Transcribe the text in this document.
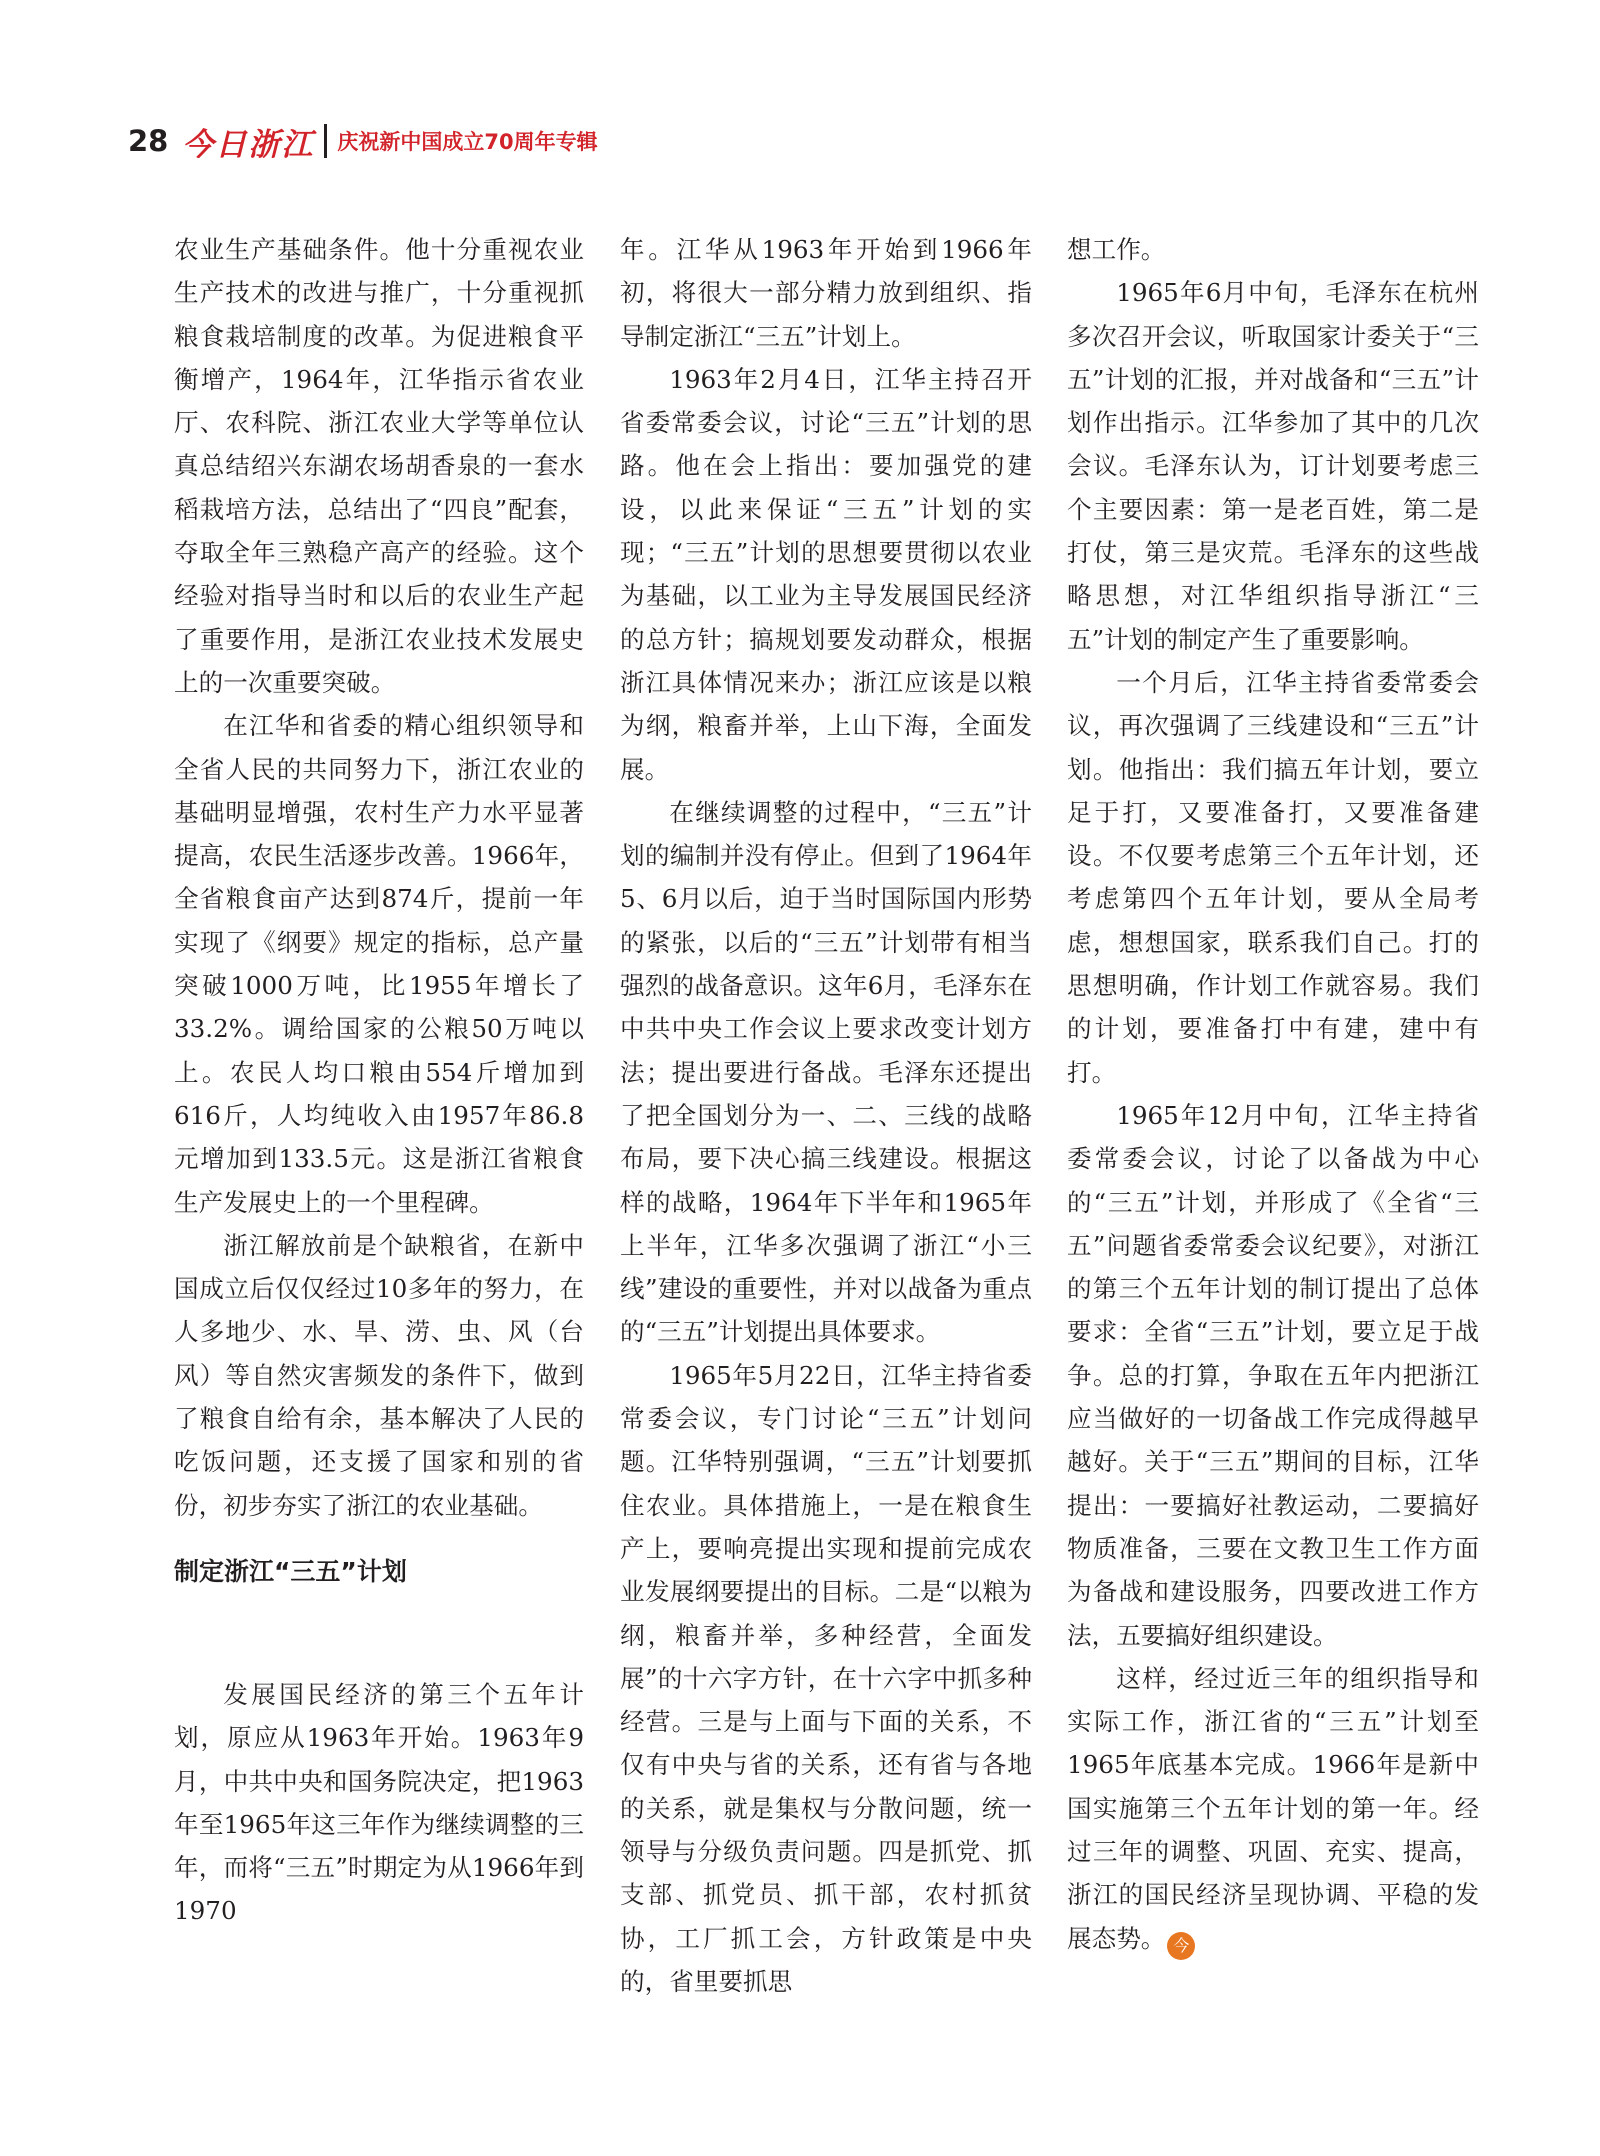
28 今日浙江 庆祝新中国成立70周年专辑

农业生产基础条件。他十分重视农业生产技术的改进与推广，十分重视抓粮食栽培制度的改革。为促进粮食平衡增产，1964年，江华指示省农业厅、农科院、浙江农业大学等单位认真总结绍兴东湖农场胡香泉的一套水稻栽培方法，总结出了“四良”配套，夺取全年三熟稳产高产的经验。这个经验对指导当时和以后的农业生产起了重要作用，是浙江农业技术发展史上的一次重要突破。

在江华和省委的精心组织领导和全省人民的共同努力下，浙江农业的基础明显增强，农村生产力水平显著提高，农民生活逐步改善。1966年，全省粮食亩产达到874斤，提前一年实现了《纲要》规定的指标，总产量突破1000万吨，比1955年增长了33.2%。调给国家的公粮50万吨以上。农民人均口粮由554斤增加到616斤，人均纯收入由1957年86.8元增加到133.5元。这是浙江省粮食生产发展史上的一个里程碑。

浙江解放前是个缺粮省，在新中国成立后仅仅经过10多年的努力，在人多地少、水、旱、涝、虫、风（台风）等自然灾害频发的条件下，做到了粮食自给有余，基本解决了人民的吃饭问题，还支援了国家和别的省份，初步夯实了浙江的农业基础。

制定浙江“三五”计划

发展国民经济的第三个五年计划，原应从1963年开始。1963年9月，中共中央和国务院决定，把1963年至1965年这三年作为继续调整的三年，而将“三五”时期定为从1966年到1970

年。江华从1963年开始到1966年初，将很大一部分精力放到组织、指导制定浙江“三五”计划上。

1963年2月4日，江华主持召开省委常委会议，讨论“三五”计划的思路。他在会上指出：要加强党的建设，以此来保证“三五”计划的实现；“三五”计划的思想要贯彻以农业为基础，以工业为主导发展国民经济的总方针；搞规划要发动群众，根据浙江具体情况来办；浙江应该是以粮为纲，粮畜并举，上山下海，全面发展。

在继续调整的过程中，“三五”计划的编制并没有停止。但到了1964年5、6月以后，迫于当时国际国内形势的紧张，以后的“三五”计划带有相当强烈的战备意识。这年6月，毛泽东在中共中央工作会议上要求改变计划方法；提出要进行备战。毛泽东还提出了把全国划分为一、二、三线的战略布局，要下决心搞三线建设。根据这样的战略，1964年下半年和1965年上半年，江华多次强调了浙江“小三线”建设的重要性，并对以战备为重点的“三五”计划提出具体要求。

1965年5月22日，江华主持省委常委会议，专门讨论“三五”计划问题。江华特别强调，“三五”计划要抓住农业。具体措施上，一是在粮食生产上，要响亮提出实现和提前完成农业发展纲要提出的目标。二是“以粮为纲，粮畜并举，多种经营，全面发展”的十六字方针，在十六字中抓多种经营。三是与上面与下面的关系，不仅有中央与省的关系，还有省与各地的关系，就是集权与分散问题，统一领导与分级负责问题。四是抓党、抓支部、抓党员、抓干部，农村抓贫协，工厂抓工会，方针政策是中央的，省里要抓思

想工作。

1965年6月中旬，毛泽东在杭州多次召开会议，听取国家计委关于“三五”计划的汇报，并对战备和“三五”计划作出指示。江华参加了其中的几次会议。毛泽东认为，订计划要考虑三个主要因素：第一是老百姓，第二是打仗，第三是灾荒。毛泽东的这些战略思想，对江华组织指导浙江“三五”计划的制定产生了重要影响。

一个月后，江华主持省委常委会议，再次强调了三线建设和“三五”计划。他指出：我们搞五年计划，要立足于打，又要准备打，又要准备建设。不仅要考虑第三个五年计划，还考虑第四个五年计划，要从全局考虑，想想国家，联系我们自己。打的思想明确，作计划工作就容易。我们的计划，要准备打中有建，建中有打。

1965年12月中旬，江华主持省委常委会议，讨论了以备战为中心的“三五”计划，并形成了《全省“三五”问题省委常委会议纪要》，对浙江的第三个五年计划的制订提出了总体要求：全省“三五”计划，要立足于战争。总的打算，争取在五年内把浙江应当做好的一切备战工作完成得越早越好。关于“三五”期间的目标，江华提出：一要搞好社教运动，二要搞好物质准备，三要在文教卫生工作方面为备战和建设服务，四要改进工作方法，五要搞好组织建设。

这样，经过近三年的组织指导和实际工作，浙江省的“三五”计划至1965年底基本完成。1966年是新中国实施第三个五年计划的第一年。经过三年的调整、巩固、充实、提高，浙江的国民经济呈现协调、平稳的发展态势。 今
